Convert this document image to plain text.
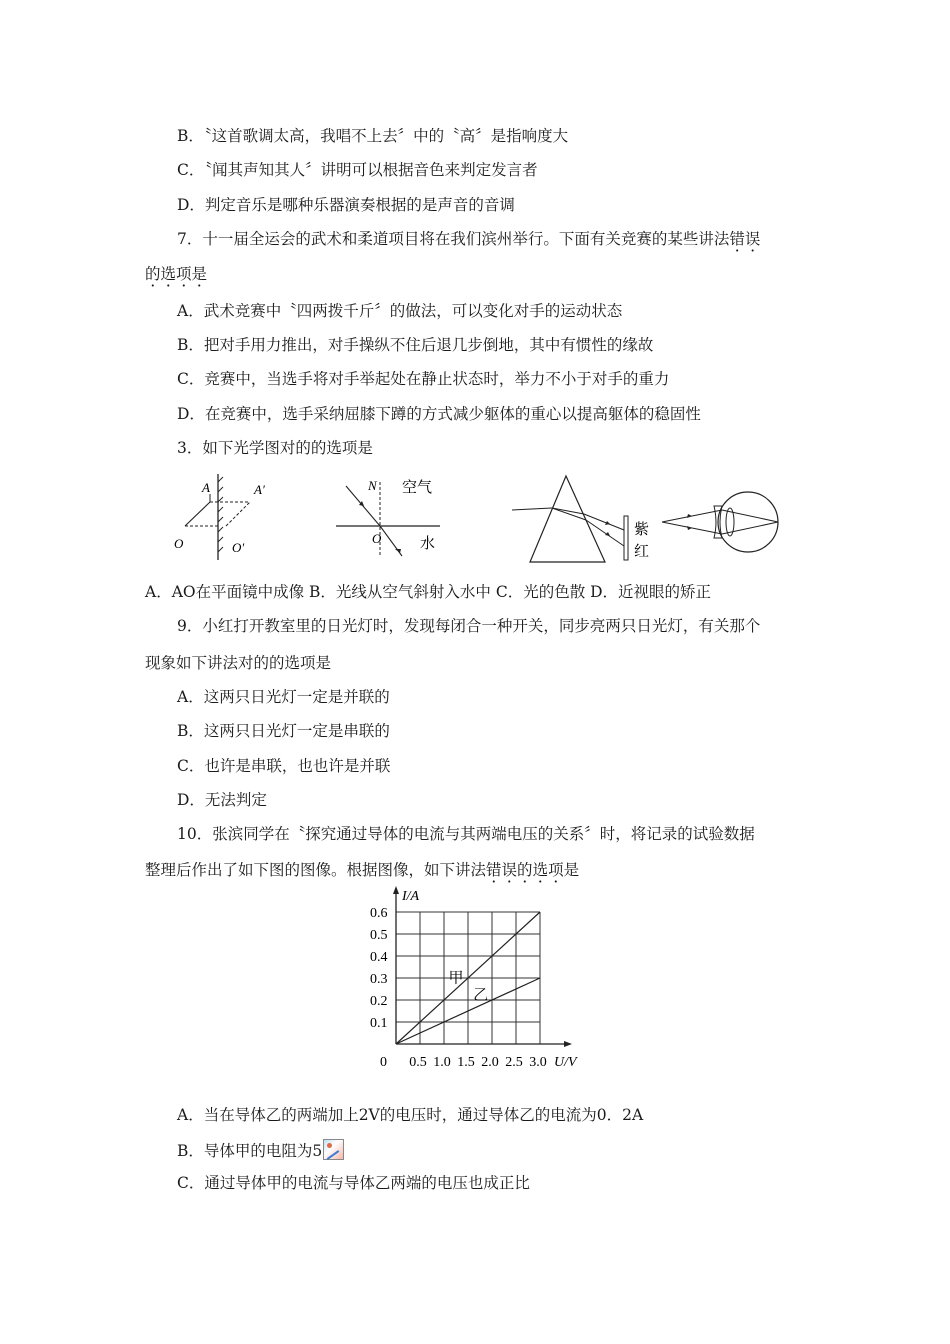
B．〝这首歌调太高，我唱不上去〞中的〝高〞是指响度大
C．〝闻其声知其人〞讲明可以根据音色来判定发言者
D．判定音乐是哪种乐器演奏根据的是声音的音调
7．十一届全运会的武术和柔道项目将在我们滨州举行。下面有关竞赛的某些讲法错误
的选项是
A．武术竞赛中〝四两拨千斤〞的做法，可以变化对手的运动状态
B．把对手用力推出，对手操纵不住后退几步倒地，其中有惯性的缘故
C．竞赛中，当选手将对手举起处在静止状态时，举力不小于对手的重力
D．在竞赛中，选手采纳屈膝下蹲的方式减少躯体的重心以提高躯体的稳固性
3．如下光学图对的的选项是
A	A′
O	O′
N 空气
O	水
紫
红
A．AO在平面镜中成像 B．光线从空气斜射入水中 C．光的色散 D．近视眼的矫正
9．小红打开教室里的日光灯时，发现每闭合一种开关，同步亮两只日光灯，有关那个
现象如下讲法对的的选项是
A．这两只日光灯一定是并联的
B．这两只日光灯一定是串联的
C．也许是串联，也也许是并联
D．无法判定
10．张滨同学在〝探究通过导体的电流与其两端电压的关系〞时，将记录的试验数据
整理后作出了如下图的图像。根据图像，如下讲法错误的选项是
0.5 1.0 1.5 2.0 2.5 3.0
0.1
0.2
0.3
0.4
0.5
0.6
0	U/V
I/A
甲
乙
A．当在导体乙的两端加上2V的电压时，通过导体乙的电流为0．2A
B．导体甲的电阻为5
C．通过导体甲的电流与导体乙两端的电压也成正比
